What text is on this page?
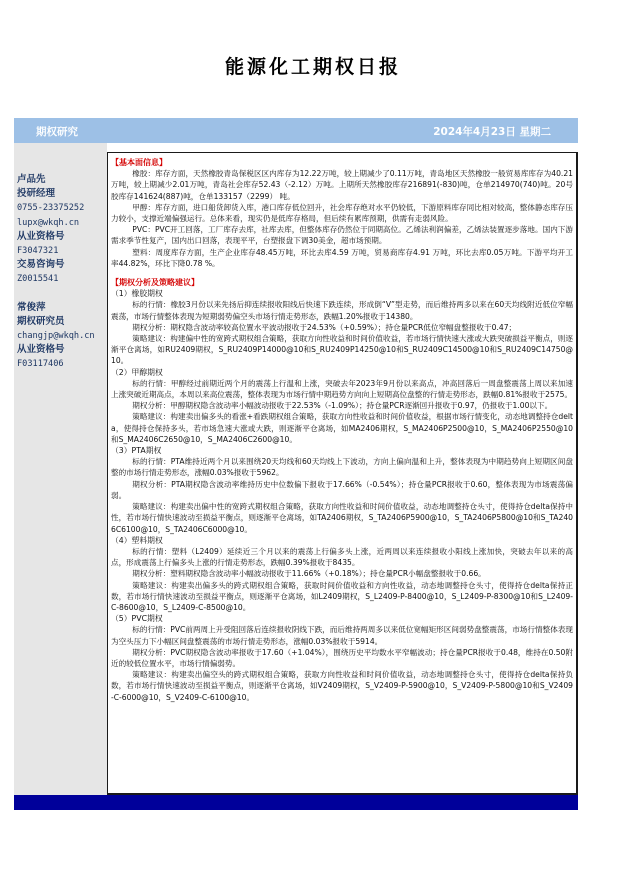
能源化工期权日报
期权研究	2024年4月23日 星期二
卢品先
投研经理
0755-23375252
lupx@wkqh.cn
从业资格号
F3047321
交易咨询号
Z0015541
常俊萍
期权研究员
changjp@wkqh.cn
从业资格号
F03117406
【基本面信息】
橡胶：库存方面，天然橡胶青岛保税区区内库存为12.22万吨，较上期减少了0.11万吨，青岛地区天然橡胶一般贸易库库存为40.21万吨，较上期减少2.01万吨，青岛社会库存52.43（-2.12）万吨。上期所天然橡胶库存216891(-830)吨，仓单214970(740)吨。20号胶库存141624(887)吨，仓单133157（2299） 吨。
甲醇：库存方面，进口船货卸货入库，港口库存低位回升，社会库存绝对水平仍较低，下游原料库存同比相对较高，整体静态库存压力较小，支撑近端偏强运行。总体来看，现实仍是低库存格局，但后续有累库预期，供需有走弱风险。
PVC：PVC开工回落，工厂库存去库，社库去库，但整体库存仍然位于同期高位。乙烯法利润偏差，乙烯法装置逐步落地。国内下游需求季节性复产，国内出口回落，表现平平，台塑报盘下调30美金，超市场预期。
塑料：周度库存方面，生产企业库存48.45万吨，环比去库4.59 万吨，贸易商库存4.91 万吨，环比去库0.05万吨。下游平均开工率44.82%，环比下降0.78 %。
【期权分析及策略建议】
（1）橡胶期权
标的行情：橡胶3月份以来先扬后抑连续报收阳线后快速下跌连续，形成倒“V”型走势，而后维持两多以来在60天均线附近低位窄幅震荡，市场行情整体表现为短期弱势偏空头市场行情走势形态，跌幅1.20%报收于14380。
期权分析：期权隐含波动率较高位置水平波动报收于24.53%（+0.59%）；持仓量PCR低位窄幅盘整报收于0.47；
策略建议：构建偏中性的宽跨式期权组合策略，获取方向性收益和时间价值收益，若市场行情快速大涨或大跌突破损益平衡点，则逐渐平仓离场，如RU2409期权，S_RU2409P14000@10和S_RU2409P14250@10和S_RU2409C14500@10和S_RU2409C14750@10。
（2）甲醇期权
标的行情：甲醇经过前期近两个月的震荡上行温和上涨，突破去年2023年9月份以来高点，冲高回落后一周盘整震荡上周以来加速上涨突破近期高点，本周以来高位震荡，整体表现为市场行情中期趋势方向向上短期高位盘整的行情走势形态，跌幅0.81%报收于2575。
期权分析：甲醇期权隐含波动率小幅波动报收于22.53%（-1.09%）；持仓量PCR逐渐回升报收于0.97，仍报收于1.00以下。
策略建议：构建卖出偏多头的看涨+看跌期权组合策略，获取方向性收益和时间价值收益，根据市场行情变化，动态地调整持仓delta，使得持仓保持多头，若市场急速大涨或大跌，则逐渐平仓离场，如MA2406期权，S_MA2406P2500@10，S_MA2406P2550@10和S_MA2406C2650@10，S_MA2406C2600@10。
（3）PTA期权
标的行情：PTA维持近两个月以来围绕20天均线和60天均线上下波动，方向上偏向温和上升，整体表现为中期趋势向上短期区间盘整的市场行情走势形态，涨幅0.03%报收于5962。
期权分析：PTA期权隐含波动率维持历史中位数偏下报收于17.66%（-0.54%）；持仓量PCR报收于0.60，整体表现为市场震荡偏弱。
策略建议：构建卖出偏中性的宽跨式期权组合策略，获取方向性收益和时间价值收益，动态地调整持仓头寸，使得持仓delta保持中性，若市场行情快速波动至损益平衡点，则逐渐平仓离场，如TA2406期权，S_TA2406P5900@10，S_TA2406P5800@10和S_TA2406C6100@10，S_TA2406C6000@10。
（4）塑料期权
标的行情：塑料（L2409）延续近三个月以来的震荡上行偏多头上涨，近两周以来连续报收小阳线上涨加快，突破去年以来的高点，形成震荡上行偏多头上涨的行情走势形态，跌幅0.39%报收于8435。
期权分析：塑料期权隐含波动率小幅波动报收于11.66%（+0.18%）；持仓量PCR小幅盘整报收于0.66。
策略建议：构建卖出偏多头的跨式期权组合策略，获取时间价值收益和方向性收益，动态地调整持仓头寸，使得持仓delta保持正数，若市场行情快速波动至损益平衡点，则逐渐平仓离场，如L2409期权，S_L2409-P-8400@10，S_L2409-P-8300@10和S_L2409-C-8600@10，S_L2409-C-8500@10。
（5）PVC期权
标的行情：PVC前两周上升受阻回落后连续报收阴线下跌，而后维持两周多以来低位宽幅矩形区间弱势盘整震荡，市场行情整体表现为空头压力下小幅区间盘整震荡的市场行情走势形态，涨幅0.03%报收于5914。
期权分析：PVC期权隐含波动率报收于17.60（+1.04%），围绕历史平均数水平窄幅波动；持仓量PCR报收于0.48，维持在0.50附近的较低位置水平，市场行情偏弱势。
策略建议：构建卖出偏空头的跨式期权组合策略，获取方向性收益和时间价值收益，动态地调整持仓头寸，使得持仓delta保持负数，若市场行情快速波动至损益平衡点，则逐渐平仓离场，如V2409期权，S_V2409-P-5900@10，S_V2409-P-5800@10和S_V2409-C-6000@10，S_V2409-C-6100@10。
